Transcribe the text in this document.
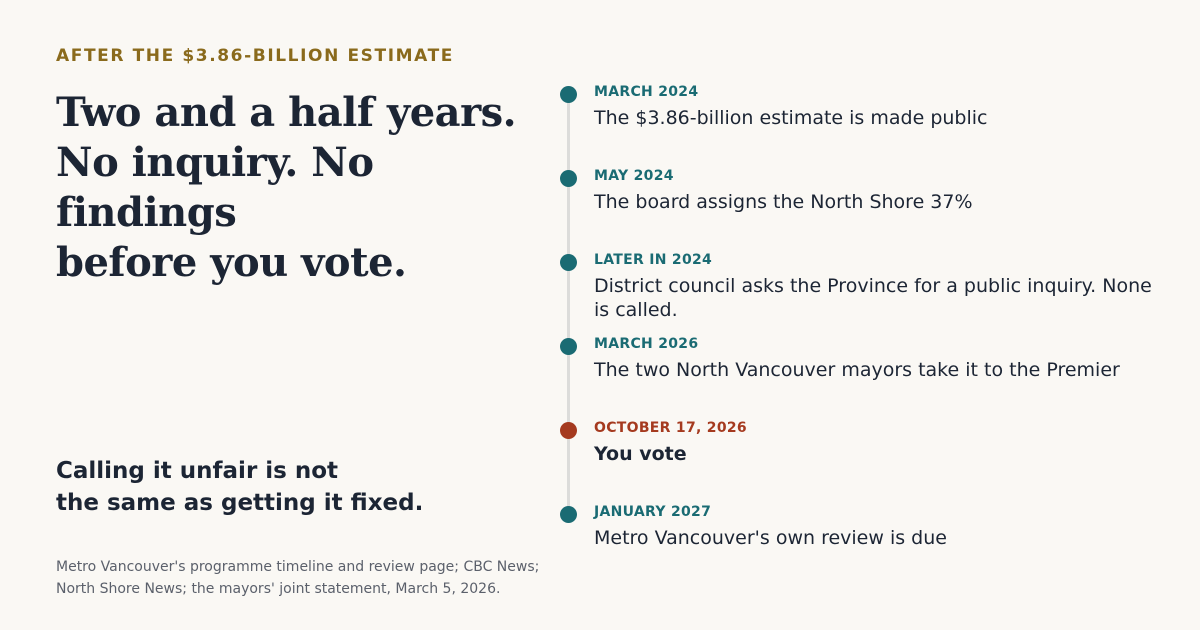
AFTER THE $3.86-BILLION ESTIMATE
Two and a half years.
No inquiry. No findings
before you vote.
Calling it unfair is not
the same as getting it fixed.
Metro Vancouver's programme timeline and review page; CBC News;
North Shore News; the mayors' joint statement, March 5, 2026.
MARCH 2024
The $3.86-billion estimate is made public
MAY 2024
The board assigns the North Shore 37%
LATER IN 2024
District council asks the Province for a public inquiry. None is called.
MARCH 2026
The two North Vancouver mayors take it to the Premier
OCTOBER 17, 2026
You vote
JANUARY 2027
Metro Vancouver's own review is due
